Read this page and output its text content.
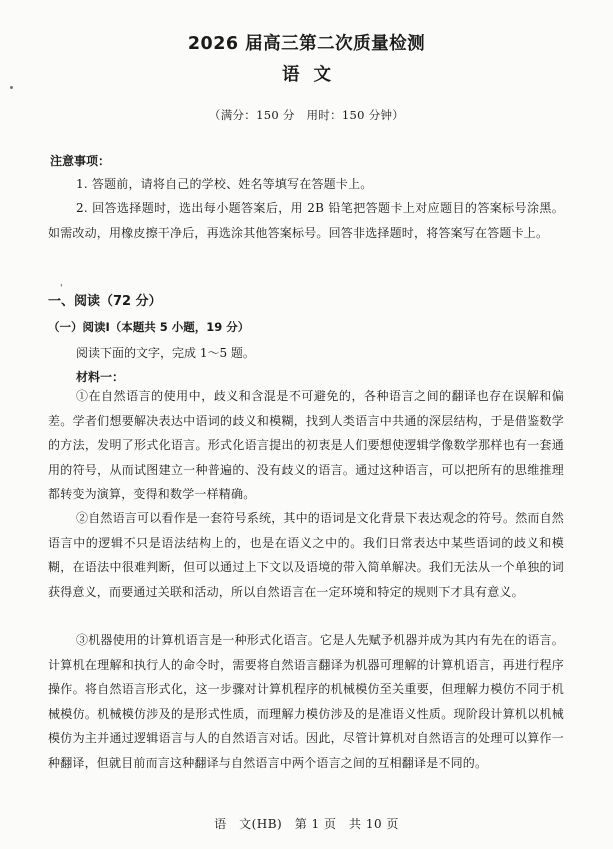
2026 届高三第二次质量检测
语文

（满分：150 分　用时：150 分钟）

注意事项：

1. 答题前，请将自己的学校、姓名等填写在答题卡上。

2. 回答选择题时，选出每小题答案后，用 2B 铅笔把答题卡上对应题目的答案标号涂黑。如需改动，用橡皮擦干净后，再选涂其他答案标号。回答非选择题时，将答案写在答题卡上。

'
一、阅读（72 分）
（一）阅读Ⅰ（本题共 5 小题，19 分）

阅读下面的文字，完成 1～5 题。

材料一：

①在自然语言的使用中，歧义和含混是不可避免的，各种语言之间的翻译也存在误解和偏差。学者们想要解决表达中语词的歧义和模糊，找到人类语言中共通的深层结构，于是借鉴数学的方法，发明了形式化语言。形式化语言提出的初衷是人们要想使逻辑学像数学那样也有一套通用的符号，从而试图建立一种普遍的、没有歧义的语言。通过这种语言，可以把所有的思维推理都转变为演算，变得和数学一样精确。

②自然语言可以看作是一套符号系统，其中的语词是文化背景下表达观念的符号。然而自然语言中的逻辑不只是语法结构上的，也是在语义之中的。我们日常表达中某些语词的歧义和模糊，在语法中很难判断，但可以通过上下文以及语境的带入简单解决。我们无法从一个单独的词获得意义，而要通过关联和活动，所以自然语言在一定环境和特定的规则下才具有意义。

③机器使用的计算机语言是一种形式化语言。它是人先赋予机器并成为其内有先在的语言。计算机在理解和执行人的命令时，需要将自然语言翻译为机器可理解的计算机语言，再进行程序操作。将自然语言形式化，这一步骤对计算机程序的机械模仿至关重要，但理解力模仿不同于机械模仿。机械模仿涉及的是形式性质，而理解力模仿涉及的是准语义性质。现阶段计算机以机械模仿为主并通过逻辑语言与人的自然语言对话。因此，尽管计算机对自然语言的处理可以算作一种翻译，但就目前而言这种翻译与自然语言中两个语言之间的互相翻译是不同的。

语　文(HB)　第 1 页　共 10 页
